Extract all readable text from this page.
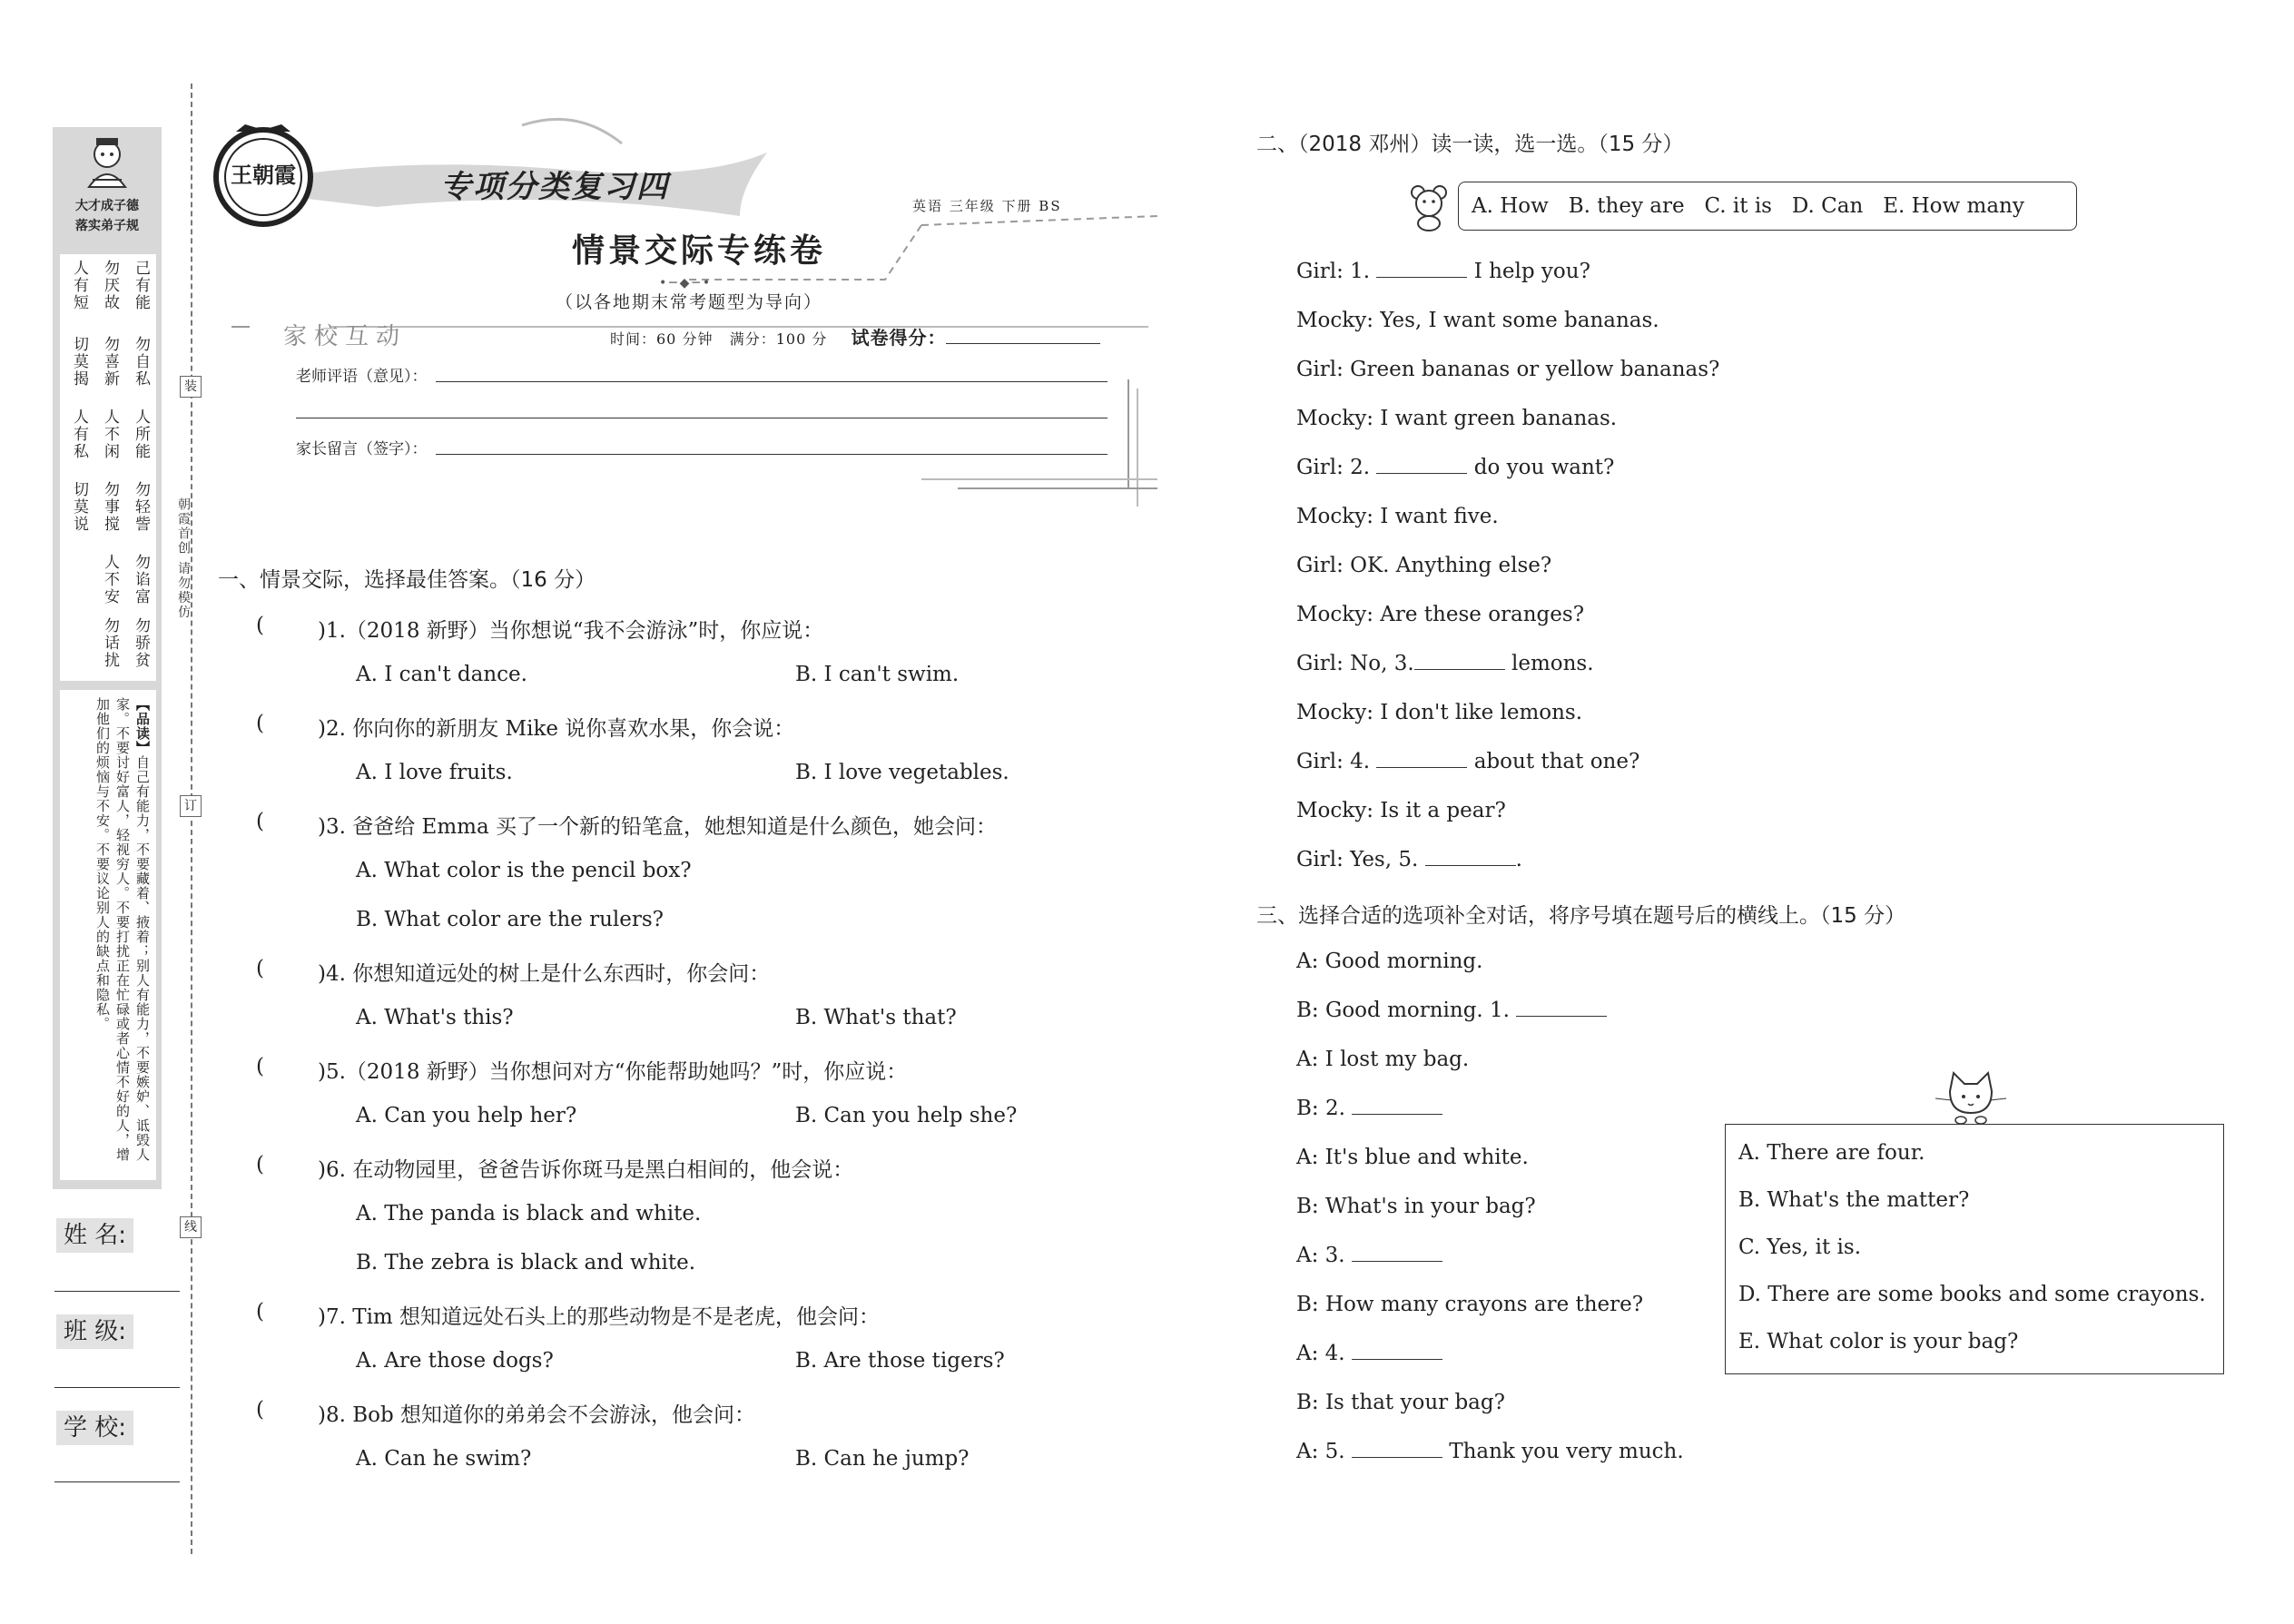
大才成子德
落实弟子规
己有能
勿自私
人所能
勿轻訾
勿谄富
勿骄贫
勿厌故
勿喜新
人不闲
勿事搅
人不安
勿话扰
人有短
切莫揭
人有私
切莫说
【品读】自己有能力，不要藏着、掖着；别人有能力，不要嫉妒、诋毁人家。不要讨好富人，轻视穷人。不要打扰正在忙碌或者心情不好的人，增加他们的烦恼与不安。不要议论别人的缺点和隐私。
姓 名:
班 级:
学 校:
装
订
线
朝霞首创 请勿模仿
王朝霞	专项分类复习四
英语 三年级 下册 BS
情景交际专练卷
•─◆─•
（以各地期末常考题型为导向）
家校互动	时间：60 分钟 满分：100 分 试卷得分：
老师评语（意见）：
家长留言（签字）：
一、情景交际，选择最佳答案。（16 分）
(	)1.（2018 新野）当你想说“我不会游泳”时，你应说：
A. I can't dance.	B. I can't swim.
(	)2. 你向你的新朋友 Mike 说你喜欢水果，你会说：
A. I love fruits.	B. I love vegetables.
(	)3. 爸爸给 Emma 买了一个新的铅笔盒，她想知道是什么颜色，她会问：
A. What color is the pencil box?
B. What color are the rulers?
(	)4. 你想知道远处的树上是什么东西时，你会问：
A. What's this?	B. What's that?
(	)5.（2018 新野）当你想问对方“你能帮助她吗？”时，你应说：
A. Can you help her?	B. Can you help she?
(	)6. 在动物园里，爸爸告诉你斑马是黑白相间的，他会说：
A. The panda is black and white.
B. The zebra is black and white.
(	)7. Tim 想知道远处石头上的那些动物是不是老虎，他会问：
A. Are those dogs?	B. Are those tigers?
(	)8. Bob 想知道你的弟弟会不会游泳，他会问：
A. Can he swim?	B. Can he jump?
二、（2018 邓州）读一读，选一选。（15 分）
A. How   B. they are   C. it is   D. Can   E. How many
Girl: 1.	I help you?
Mocky: Yes, I want some bananas.
Girl: Green bananas or yellow bananas?
Mocky: I want green bananas.
Girl: 2.	do you want?
Mocky: I want five.
Girl: OK. Anything else?
Mocky: Are these oranges?
Girl: No, 3.	lemons.
Mocky: I don't like lemons.
Girl: 4.	about that one?
Mocky: Is it a pear?
Girl: Yes, 5.	.
三、选择合适的选项补全对话，将序号填在题号后的横线上。（15 分）
A: Good morning.
B: Good morning. 1.
A: I lost my bag.
B: 2.
A: It's blue and white.
B: What's in your bag?
A: 3.
B: How many crayons are there?
A: 4.
B: Is that your bag?
A: 5.	Thank you very much.
A. There are four.
B. What's the matter?
C. Yes, it is.
D. There are some books and some crayons.
E. What color is your bag?
